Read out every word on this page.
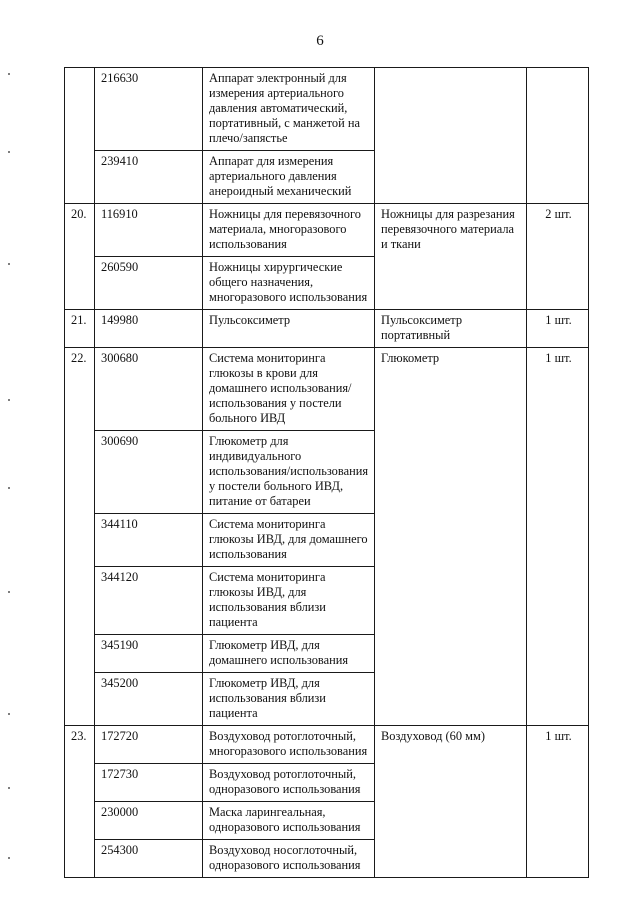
6
	216630	Аппарат электронный для измерения артериального давления автоматический, портативный, с манжетой на плечо/запястье		
	239410	Аппарат для измерения артериального давления анероидный механический		
20.	116910	Ножницы для перевязочного материала, многоразового использования	Ножницы для разрезания перевязочного материала и ткани	2 шт.
	260590	Ножницы хирургические общего назначения, многоразового использования		
21.	149980	Пульсоксиметр	Пульсоксиметр портативный	1 шт.
22.	300680	Система мониторинга глюкозы в крови для домашнего использования/ использования у постели больного ИВД	Глюкометр	1 шт.
	300690	Глюкометр для индивидуального использования/использования у постели больного ИВД, питание от батареи		
	344110	Система мониторинга глюкозы ИВД, для домашнего использования		
	344120	Система мониторинга глюкозы ИВД, для использования вблизи пациента		
	345190	Глюкометр ИВД, для домашнего использования		
	345200	Глюкометр ИВД, для использования вблизи пациента		
23.	172720	Воздуховод ротоглоточный, многоразового использования	Воздуховод (60 мм)	1 шт.
	172730	Воздуховод ротоглоточный, одноразового использования		
	230000	Маска ларингеальная, одноразового использования		
	254300	Воздуховод носоглоточный, одноразового использования		
